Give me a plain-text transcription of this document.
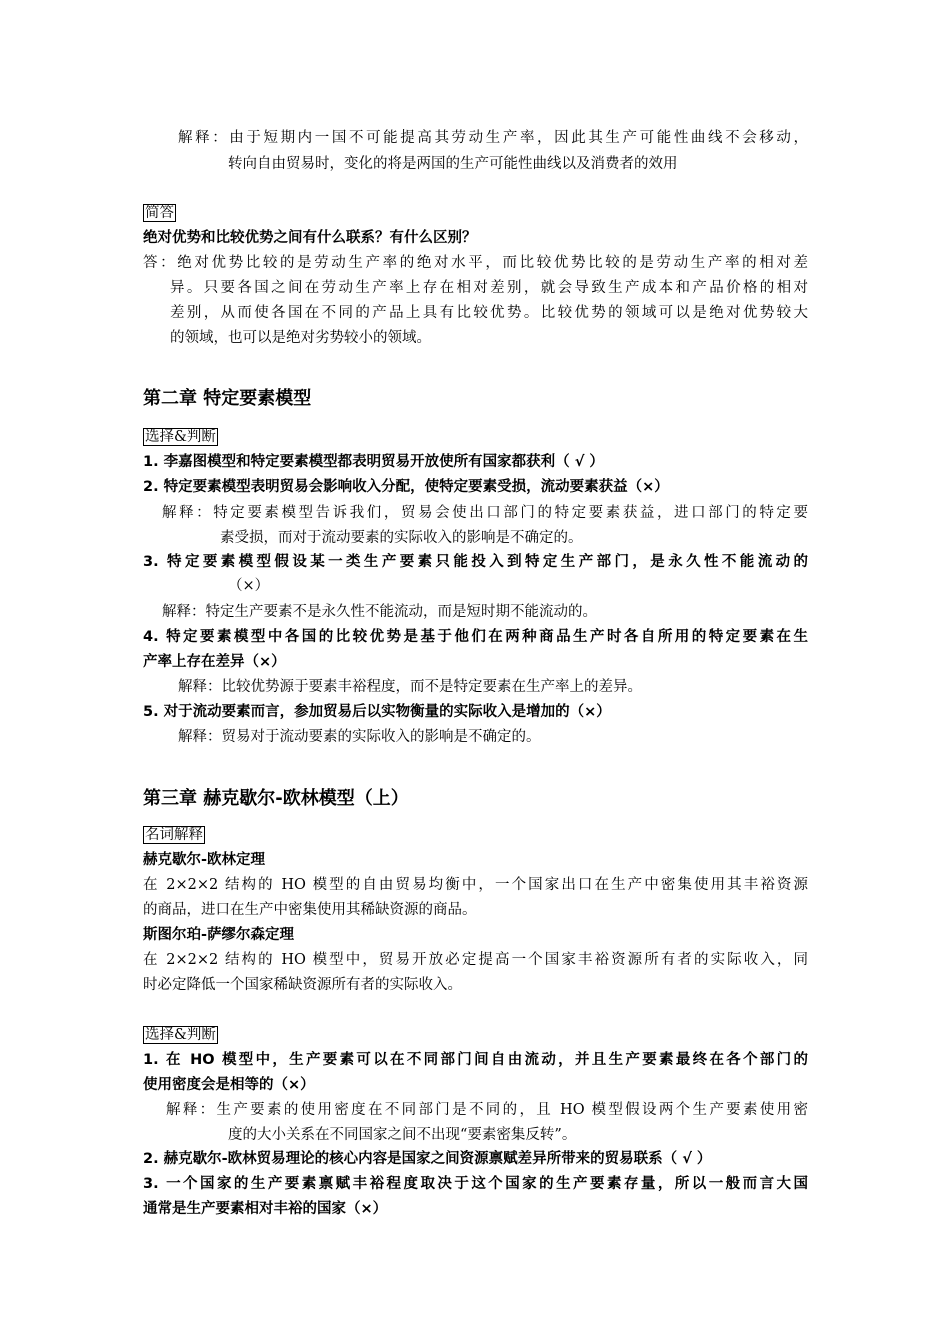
解释：由于短期内一国不可能提高其劳动生产率，因此其生产可能性曲线不会移动，
转向自由贸易时，变化的将是两国的生产可能性曲线以及消费者的效用
简答
绝对优势和比较优势之间有什么联系？有什么区别？
答：绝对优势比较的是劳动生产率的绝对水平，而比较优势比较的是劳动生产率的相对差
异。只要各国之间在劳动生产率上存在相对差别，就会导致生产成本和产品价格的相对
差别，从而使各国在不同的产品上具有比较优势。比较优势的领域可以是绝对优势较大
的领域，也可以是绝对劣势较小的领域。
第二章 特定要素模型
选择&判断
1. 李嘉图模型和特定要素模型都表明贸易开放使所有国家都获利（ √ ）
2. 特定要素模型表明贸易会影响收入分配，使特定要素受损，流动要素获益（×）
解释：特定要素模型告诉我们，贸易会使出口部门的特定要素获益，进口部门的特定要
素受损，而对于流动要素的实际收入的影响是不确定的。
3. 特定要素模型假设某一类生产要素只能投入到特定生产部门，是永久性不能流动的
（×）
解释：特定生产要素不是永久性不能流动，而是短时期不能流动的。
4. 特定要素模型中各国的比较优势是基于他们在两种商品生产时各自所用的特定要素在生
产率上存在差异（×）
解释：比较优势源于要素丰裕程度，而不是特定要素在生产率上的差异。
5. 对于流动要素而言，参加贸易后以实物衡量的实际收入是增加的（×）
解释：贸易对于流动要素的实际收入的影响是不确定的。
第三章 赫克歇尔-欧林模型（上）
名词解释
赫克歇尔-欧林定理
在 2×2×2 结构的 HO 模型的自由贸易均衡中，一个国家出口在生产中密集使用其丰裕资源
的商品，进口在生产中密集使用其稀缺资源的商品。
斯图尔珀-萨缪尔森定理
在 2×2×2 结构的 HO 模型中，贸易开放必定提高一个国家丰裕资源所有者的实际收入，同
时必定降低一个国家稀缺资源所有者的实际收入。
选择&判断
1. 在 HO 模型中，生产要素可以在不同部门间自由流动，并且生产要素最终在各个部门的
使用密度会是相等的（×）
解释：生产要素的使用密度在不同部门是不同的，且 HO 模型假设两个生产要素使用密
度的大小关系在不同国家之间不出现“要素密集反转”。
2. 赫克歇尔-欧林贸易理论的核心内容是国家之间资源禀赋差异所带来的贸易联系（ √ ）
3. 一个国家的生产要素禀赋丰裕程度取决于这个国家的生产要素存量，所以一般而言大国
通常是生产要素相对丰裕的国家（×）
